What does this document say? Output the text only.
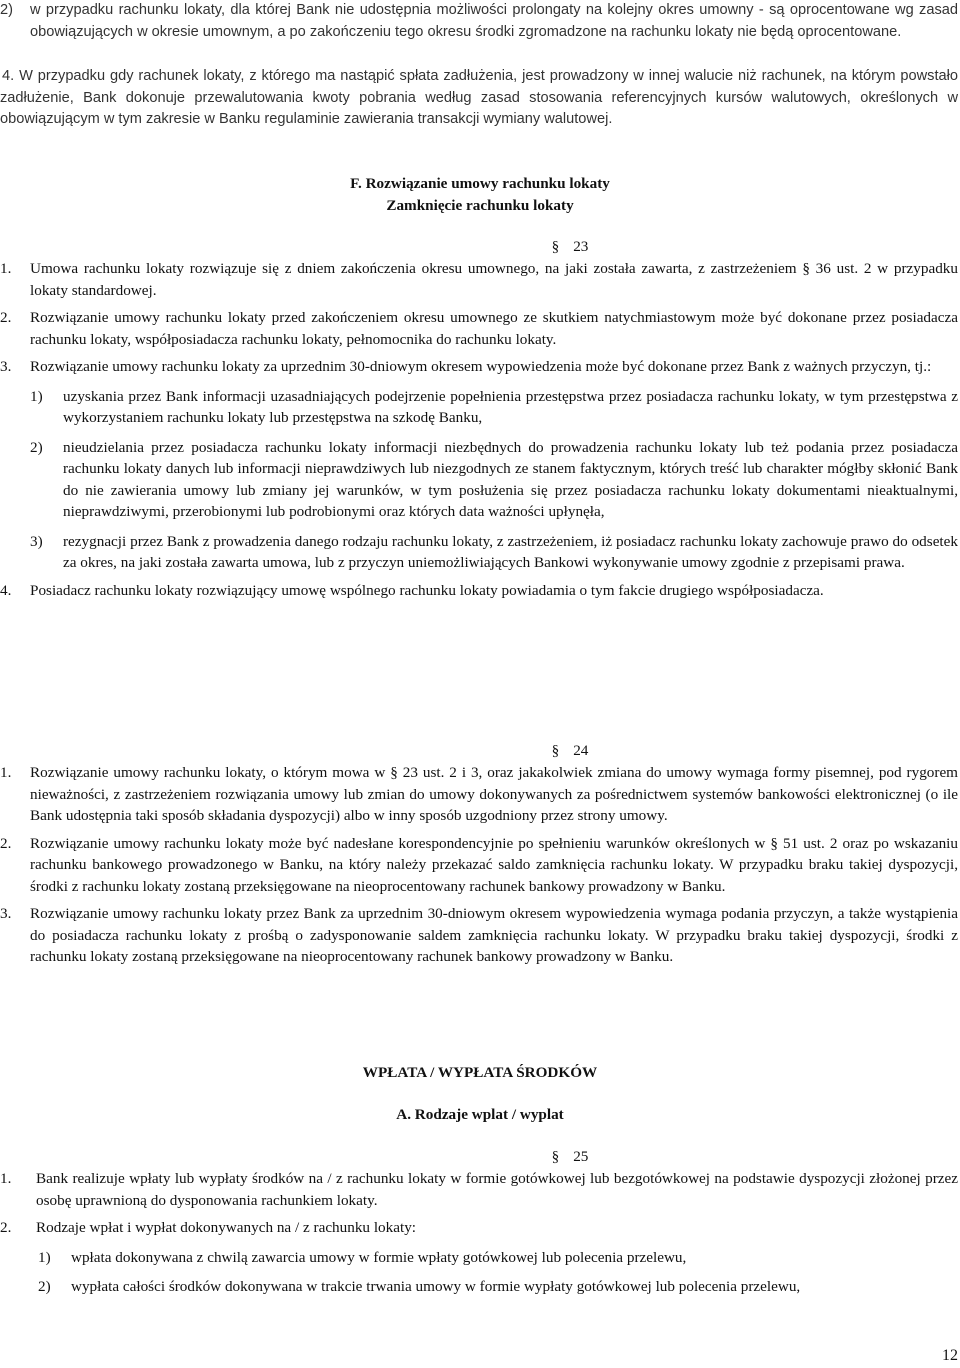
2)	w przypadku rachunku lokaty, dla której Bank nie udostępnia możliwości prolongaty na kolejny okres umowny - są oprocentowane wg zasad obowiązujących w okresie umownym, a po zakończeniu tego okresu środki zgromadzone na rachunku lokaty nie będą oprocentowane.
4. W przypadku gdy rachunek lokaty, z którego ma nastąpić spłata zadłużenia, jest prowadzony w innej walucie niż rachunek, na którym powstało zadłużenie, Bank dokonuje przewalutowania kwoty pobrania według zasad stosowania referencyjnych kursów walutowych, określonych w obowiązującym w tym zakresie w Banku regulaminie zawierania transakcji wymiany walutowej.
F. Rozwiązanie umowy rachunku lokaty
Zamknięcie rachunku lokaty
§ 23
1.	Umowa rachunku lokaty rozwiązuje się z dniem zakończenia okresu umownego, na jaki została zawarta, z zastrzeżeniem § 36 ust. 2 w przypadku lokaty standardowej.
2.	Rozwiązanie umowy rachunku lokaty przed zakończeniem okresu umownego ze skutkiem natychmiastowym może być dokonane przez posiadacza rachunku lokaty, współposiadacza rachunku lokaty, pełnomocnika do rachunku lokaty.
3.	Rozwiązanie umowy rachunku lokaty za uprzednim 30-dniowym okresem wypowiedzenia może być dokonane przez Bank z ważnych przyczyn, tj.:
1)	uzyskania przez Bank informacji uzasadniających podejrzenie popełnienia przestępstwa przez posiadacza rachunku lokaty, w tym przestępstwa z wykorzystaniem rachunku lokaty lub przestępstwa na szkodę Banku,
2)	nieudzielania przez posiadacza rachunku lokaty informacji niezbędnych do prowadzenia rachunku lokaty lub też podania przez posiadacza rachunku lokaty danych lub informacji nieprawdziwych lub niezgodnych ze stanem faktycznym, których treść lub charakter mógłby skłonić Bank do nie zawierania umowy lub zmiany jej warunków, w tym posłużenia się przez posiadacza rachunku lokaty dokumentami nieaktualnymi, nieprawdziwymi, przerobionymi lub podrobionymi oraz których data ważności upłynęła,
3)	rezygnacji przez Bank z prowadzenia danego rodzaju rachunku lokaty, z zastrzeżeniem, iż posiadacz rachunku lokaty zachowuje prawo do odsetek za okres, na jaki została zawarta umowa, lub z przyczyn uniemożliwiających Bankowi wykonywanie umowy zgodnie z przepisami prawa.
4.	Posiadacz rachunku lokaty rozwiązujący umowę wspólnego rachunku lokaty powiadamia o tym fakcie drugiego współposiadacza.
§ 24
1.	Rozwiązanie umowy rachunku lokaty, o którym mowa w § 23 ust. 2 i 3, oraz jakakolwiek zmiana do umowy wymaga formy pisemnej, pod rygorem nieważności, z zastrzeżeniem rozwiązania umowy lub zmian do umowy dokonywanych za pośrednictwem systemów bankowości elektronicznej (o ile Bank udostępnia taki sposób składania dyspozycji) albo w inny sposób uzgodniony przez strony umowy.
2.	Rozwiązanie umowy rachunku lokaty może być nadesłane korespondencyjnie po spełnieniu warunków określonych w § 51 ust. 2 oraz po wskazaniu rachunku bankowego prowadzonego w Banku, na który należy przekazać saldo zamknięcia rachunku lokaty. W przypadku braku takiej dyspozycji, środki z rachunku lokaty zostaną przeksięgowane na nieoprocentowany rachunek bankowy prowadzony w Banku.
3.	Rozwiązanie umowy rachunku lokaty przez Bank za uprzednim 30-dniowym okresem wypowiedzenia wymaga podania przyczyn, a także wystąpienia do posiadacza rachunku lokaty z prośbą o zadysponowanie saldem zamknięcia rachunku lokaty. W przypadku braku takiej dyspozycji, środki z rachunku lokaty zostaną przeksięgowane na nieoprocentowany rachunek bankowy prowadzony w Banku.
WPŁATA / WYPŁATA ŚRODKÓW
A. Rodzaje wplat / wyplat
§ 25
1.	Bank realizuje wpłaty lub wypłaty środków na / z rachunku lokaty w formie gotówkowej lub bezgotówkowej na podstawie dyspozycji złożonej przez osobę uprawnioną do dysponowania rachunkiem lokaty.
2.	Rodzaje wpłat i wypłat dokonywanych na / z rachunku lokaty:
1)	wpłata dokonywana z chwilą zawarcia umowy w formie wpłaty gotówkowej lub polecenia przelewu,
2)	wypłata całości środków dokonywana w trakcie trwania umowy w formie wypłaty gotówkowej lub polecenia przelewu,
12
